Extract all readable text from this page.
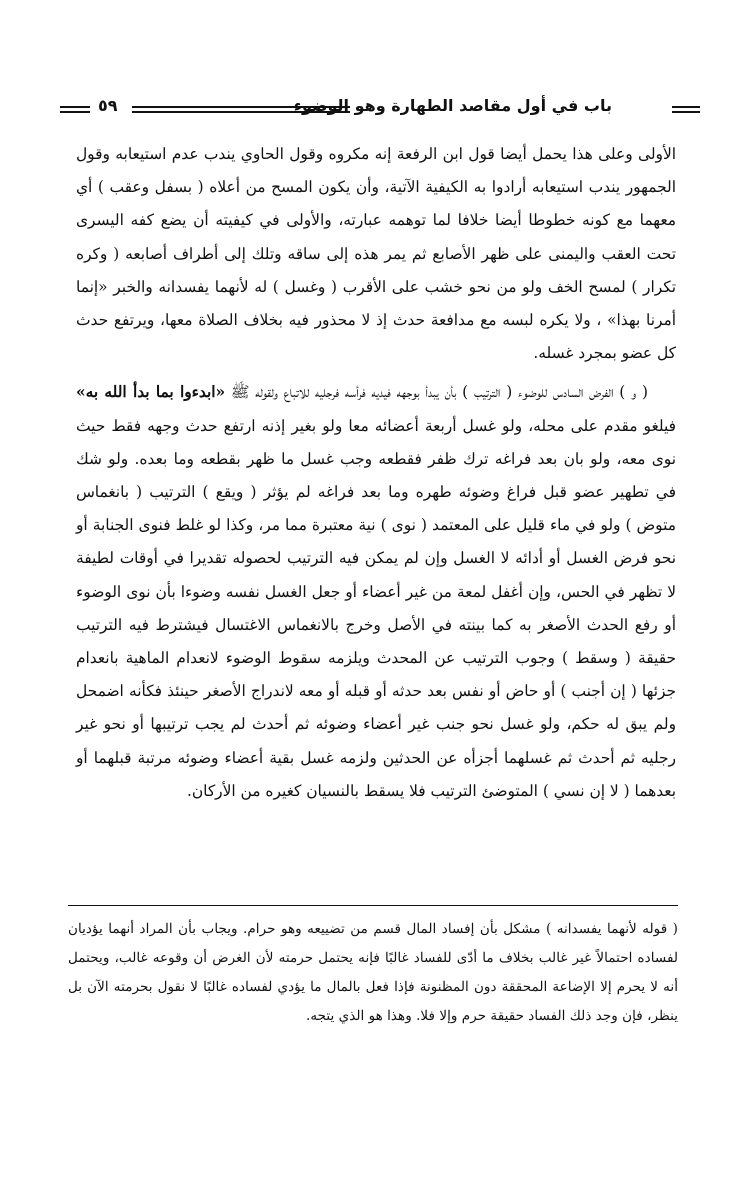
٥٩	باب في أول مقاصد الطهارة وهو الوضوء

الأولى وعلى هذا يحمل أيضا قول ابن الرفعة إنه مكروه وقول الحاوي يندب عدم استيعابه وقول الجمهور يندب استيعابه أرادوا به الكيفية الآتية، وأن يكون المسح من أعلاه ( بسفل وعقب ) أي معهما مع كونه خطوطا أيضا خلافا لما توهمه عبارته، والأولى في كيفيته أن يضع كفه اليسرى تحت العقب واليمنى على ظهر الأصابع ثم يمر هذه إلى ساقه وتلك إلى أطراف أصابعه ( وكره تكرار ) لمسح الخف ولو من نحو خشب على الأقرب ( وغسل ) له لأنهما يفسدانه والخبر «إنما أمرنا بهذا» ، ولا يكره لبسه مع مدافعة حدث إذ لا محذور فيه بخلاف الصلاة معها، ويرتفع حدث كل عضو بمجرد غسله.

( و ) الفرض السادس للوضوء ( الترتيب ) بأن يبدأ بوجهه فيديه فرأسه فرجليه للاتباع ولقوله ﷺ «ابدءوا بما بدأ الله به» فيلغو مقدم على محله، ولو غسل أربعة أعضائه معا ولو بغير إذنه ارتفع حدث وجهه فقط حيث نوى معه، ولو بان بعد فراغه ترك ظفر فقطعه وجب غسل ما ظهر بقطعه وما بعده. ولو شك في تطهير عضو قبل فراغ وضوئه طهره وما بعد فراغه لم يؤثر ( ويقع ) الترتيب ( بانغماس متوض ) ولو في ماء قليل على المعتمد ( نوى ) نية معتبرة مما مر، وكذا لو غلط فنوى الجنابة أو نحو فرض الغسل أو أدائه لا الغسل وإن لم يمكن فيه الترتيب لحصوله تقديرا في أوقات لطيفة لا تظهر في الحس، وإن أغفل لمعة من غير أعضاء أو جعل الغسل نفسه وضوءا بأن نوى الوضوء أو رفع الحدث الأصغر به كما بينته في الأصل وخرج بالانغماس الاغتسال فيشترط فيه الترتيب حقيقة ( وسقط ) وجوب الترتيب عن المحدث ويلزمه سقوط الوضوء لانعدام الماهية بانعدام جزئها ( إن أجنب ) أو حاض أو نفس بعد حدثه أو قبله أو معه لاندراج الأصغر حينئذ فكأنه اضمحل ولم يبق له حكم، ولو غسل نحو جنب غير أعضاء وضوئه ثم أحدث لم يجب ترتيبها أو نحو غير رجليه ثم أحدث ثم غسلهما أجزأه عن الحدثين ولزمه غسل بقية أعضاء وضوئه مرتبة قبلهما أو بعدهما ( لا إن نسي ) المتوضئ الترتيب فلا يسقط بالنسيان كغيره من الأركان.

( قوله لأنهما يفسدانه ) مشكل بأن إفساد المال قسم من تضييعه وهو حرام. ويجاب بأن المراد أنهما يؤديان لفساده احتمالاً غير غالب بخلاف ما أدّى للفساد غالبًا فإنه يحتمل حرمته لأن الغرض أن وقوعه غالب، ويحتمل أنه لا يحرم إلا الإضاعة المحققة دون المظنونة فإذا فعل بالمال ما يؤدي لفساده غالبًا لا نقول بحرمته الآن بل ينظر، فإن وجد ذلك الفساد حقيقة حرم وإلا فلا. وهذا هو الذي يتجه.
